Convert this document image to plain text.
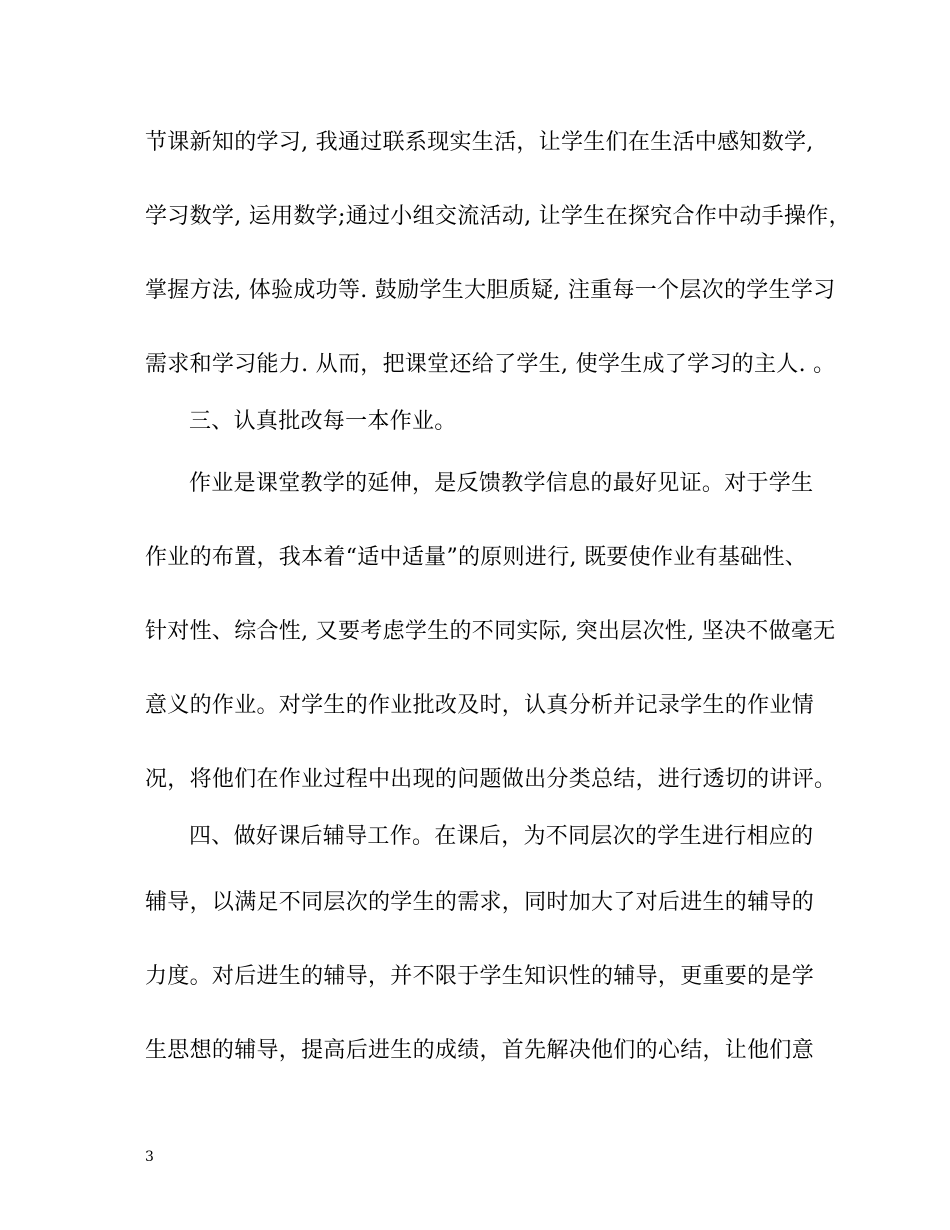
节课新知的学习, 我通过联系现实生活，让学生们在生活中感知数学,
学习数学, 运用数学;通过小组交流活动, 让学生在探究合作中动手操作，
掌握方法, 体验成功等. 鼓励学生大胆质疑, 注重每一个层次的学生学习
需求和学习能力. 从而，把课堂还给了学生, 使学生成了学习的主人. 。
三、认真批改每一本作业。
作业是课堂教学的延伸，是反馈教学信息的最好见证。对于学生
作业的布置，我本着“适中适量”的原则进行, 既要使作业有基础性、
针对性、综合性, 又要考虑学生的不同实际, 突出层次性, 坚决不做毫无
意义的作业。对学生的作业批改及时，认真分析并记录学生的作业情
况，将他们在作业过程中出现的问题做出分类总结，进行透切的讲评。
四、做好课后辅导工作。在课后，为不同层次的学生进行相应的
辅导，以满足不同层次的学生的需求，同时加大了对后进生的辅导的
力度。对后进生的辅导，并不限于学生知识性的辅导，更重要的是学
生思想的辅导，提高后进生的成绩，首先解决他们的心结，让他们意
3
